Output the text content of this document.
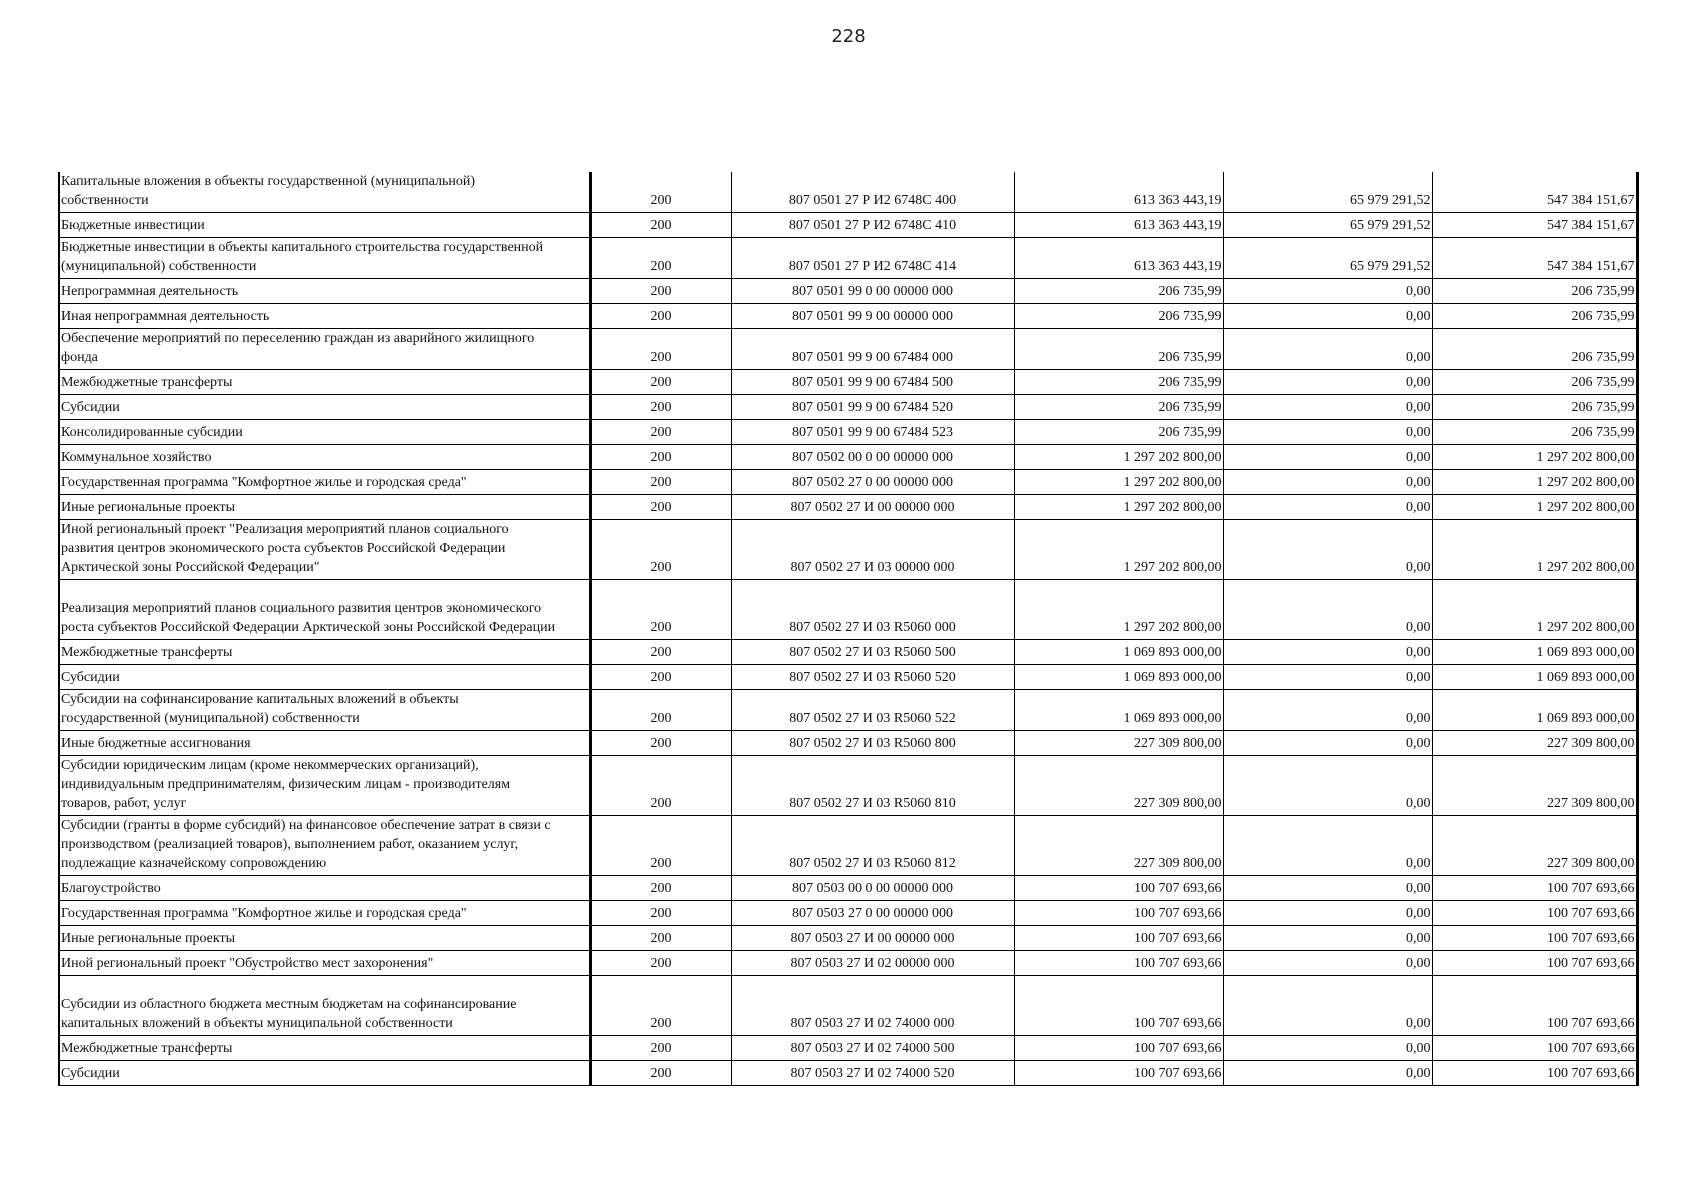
228
Капитальные вложения в объекты государственной (муниципальной)
собственности	200	807 0501 27 Р И2 6748С 400	613 363 443,19	65 979 291,52	547 384 151,67

Бюджетные инвестиции	200	807 0501 27 Р И2 6748С 410	613 363 443,19	65 979 291,52	547 384 151,67

Бюджетные инвестиции в объекты капитального строительства государственной
(муниципальной) собственности	200	807 0501 27 Р И2 6748С 414	613 363 443,19	65 979 291,52	547 384 151,67

Непрограммная деятельность	200	807 0501 99 0 00 00000 000	206 735,99	0,00	206 735,99

Иная непрограммная деятельность	200	807 0501 99 9 00 00000 000	206 735,99	0,00	206 735,99

Обеспечение мероприятий по переселению граждан из аварийного жилищного
фонда	200	807 0501 99 9 00 67484 000	206 735,99	0,00	206 735,99

Межбюджетные трансферты	200	807 0501 99 9 00 67484 500	206 735,99	0,00	206 735,99

Субсидии	200	807 0501 99 9 00 67484 520	206 735,99	0,00	206 735,99

Консолидированные субсидии	200	807 0501 99 9 00 67484 523	206 735,99	0,00	206 735,99

Коммунальное хозяйство	200	807 0502 00 0 00 00000 000	1 297 202 800,00	0,00	1 297 202 800,00

Государственная программа "Комфортное жилье и городская среда"	200	807 0502 27 0 00 00000 000	1 297 202 800,00	0,00	1 297 202 800,00

Иные региональные проекты	200	807 0502 27 И 00 00000 000	1 297 202 800,00	0,00	1 297 202 800,00

Иной региональный проект "Реализация мероприятий планов социального
развития центров экономического роста субъектов Российской Федерации
Арктической зоны Российской Федерации"	200	807 0502 27 И 03 00000 000	1 297 202 800,00	0,00	1 297 202 800,00

Реализация мероприятий планов социального развития центров экономического
роста субъектов Российской Федерации Арктической зоны Российской Федерации	200	807 0502 27 И 03 R5060 000	1 297 202 800,00	0,00	1 297 202 800,00

Межбюджетные трансферты	200	807 0502 27 И 03 R5060 500	1 069 893 000,00	0,00	1 069 893 000,00

Субсидии	200	807 0502 27 И 03 R5060 520	1 069 893 000,00	0,00	1 069 893 000,00

Субсидии на софинансирование капитальных вложений в объекты
государственной (муниципальной) собственности	200	807 0502 27 И 03 R5060 522	1 069 893 000,00	0,00	1 069 893 000,00

Иные бюджетные ассигнования	200	807 0502 27 И 03 R5060 800	227 309 800,00	0,00	227 309 800,00

Субсидии юридическим лицам (кроме некоммерческих организаций),
индивидуальным предпринимателям, физическим лицам - производителям
товаров, работ, услуг	200	807 0502 27 И 03 R5060 810	227 309 800,00	0,00	227 309 800,00

Субсидии (гранты в форме субсидий) на финансовое обеспечение затрат в связи с
производством (реализацией товаров), выполнением работ, оказанием услуг,
подлежащие казначейскому сопровождению	200	807 0502 27 И 03 R5060 812	227 309 800,00	0,00	227 309 800,00

Благоустройство	200	807 0503 00 0 00 00000 000	100 707 693,66	0,00	100 707 693,66

Государственная программа "Комфортное жилье и городская среда"	200	807 0503 27 0 00 00000 000	100 707 693,66	0,00	100 707 693,66

Иные региональные проекты	200	807 0503 27 И 00 00000 000	100 707 693,66	0,00	100 707 693,66

Иной региональный проект "Обустройство мест захоронения"	200	807 0503 27 И 02 00000 000	100 707 693,66	0,00	100 707 693,66

Субсидии из областного бюджета местным бюджетам на софинансирование
капитальных вложений в объекты муниципальной собственности	200	807 0503 27 И 02 74000 000	100 707 693,66	0,00	100 707 693,66

Межбюджетные трансферты	200	807 0503 27 И 02 74000 500	100 707 693,66	0,00	100 707 693,66

Субсидии	200	807 0503 27 И 02 74000 520	100 707 693,66	0,00	100 707 693,66
